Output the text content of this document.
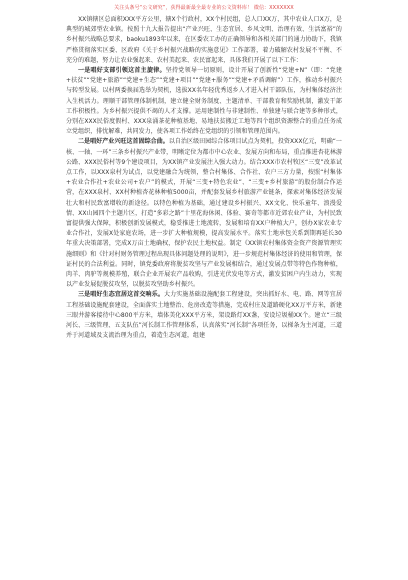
关注头条号“公文研究”，获得最新最全最专业的公文资料库！ 微信：XXXXXXX

XX镇辖区总面积XXX平方公里，辖X个行政村，XX个村民组，总人口XX万，其中农业人口X万，是典型的城郊型农业镇。按照十九大报告提出“产业兴旺、生态宜居、乡风文明、治理有效、生活富裕”的乡村振兴战略总要求，baoku1893年以来，在区委农工办的正确领导和各相关部门的通力协助下，我镇严格贯彻落实区委、区政府《关于乡村振兴战略的实施意见》工作部署，着力破解农村发展不平衡、不充分的难题，努力让农业强起来、农村美起来、农民富起来，具体我们开展了以下工作：

一是唱好支部引领这首主旋律。坚持党领导一切原则，设计开展了创新性“党建+N”（即：“党建+扶贫”“党建+旅游”“党建+生态”“党建+项目”“党建+服务”“党建+矛盾调解”）工作，推动乡村振兴与转型发展。以村两委换届选举为契机，选拔XX名年轻优秀返乡人才进入村干部队伍，为村集体经济注入生机活力。理顺干部管理体制机制，建立健全财务制度、主题清单、干部教育和奖励机制，激发干部工作积极性。为乡村振兴提供不竭的人才支撑。运用建制性与非建制性、单独建与联合建等多种形式，分别在XXX民俗度假村、XXX泉涌茶花种植基地、易地扶贫搬迁工地等四个组织资源整合的重点任务成立党组织，排忧解难，共同发力，使各项工作始终在党组织的引领和管理范围内。

二是唱好产业兴旺这首固综合曲。以自治区级田园综合体项目试点为契机，投资XXX亿元，明确“一核、一轴、一环”三条乡村振兴产业带，明晰定位为都市中心农业、发展方向和布局，重点推进杏花林游公路、XXX民俗村等9个建设项目，为XX镇产业发展注入强大动力。结合XXX市农村牧区“三变”改革试点工作，以XXX泉村为试点，以党建融合为统领，整合村集体、合作社、农户三方力量，按照“村集体+农业合作社+农业公司+农户”的模式，开展“三变+特色农业”、“三变+乡村旅游”的股份制合作运营，在XXX泉村、XX村种植杏花林种植5000亩，并配套发展乡村旅游产业链条，探索对集体经济发展壮大和村民致富增收的新途径。以特色种植为基础，通过建设乡村振兴、XX文化、快乐童年、浪漫爱情、XX山园四个主题片区，打造“多彩之路”十里花海休闲、体验、赛奇等都市近郊农业产业，为村民致富提供强大保障，积极创新发展模式，稳妥推进土地流转，发展和培育XX户种植大户，创办X家农业专业合作社，发展X处家庭农场，进一步扩大种植规模，提高发展水平。落实土地承包关系到期再延长30年重大决策部署，完成X万亩土地确权，保护农民土地权益。制定《XX镇农村集体资金资产资源管理实施细则》和《针对村财务管理过程出现具体问题处理的说明》，进一步规范村集体经济的使用和管理，保证村民的合法利益。同时，镇党委政府将脱贫攻坚与产业发展相结合，通过发展点带等特色作物种植，肉羊、肉驴等规模养殖，联合企业开展农产品收购，引进光伏发电等方式，激发贫困户内生动力，实现以产业发展促脱贫攻坚，以脱贫攻坚助乡村振兴。

三是唱好生态宜居这首交响乐。大力实施基础设施配套工程建设，突出抓好水、电、路、网等宜居工程基础设施配套建设，全面落实土地整治、危房改造等措施，完成村庄及道路硬化XX万平方米，新建三眼井游客接待中心800平方米，墙体美化XXX平方米，架设路灯XX盏，安设垃圾桶XX个。建立“三级河长、三级管理、五支队伍”河长制工作管理体系，认真落实“河长制”各项任务，以梯条为主河道，三道并于河道域及支流治理为重点，着造生态河道，组建
